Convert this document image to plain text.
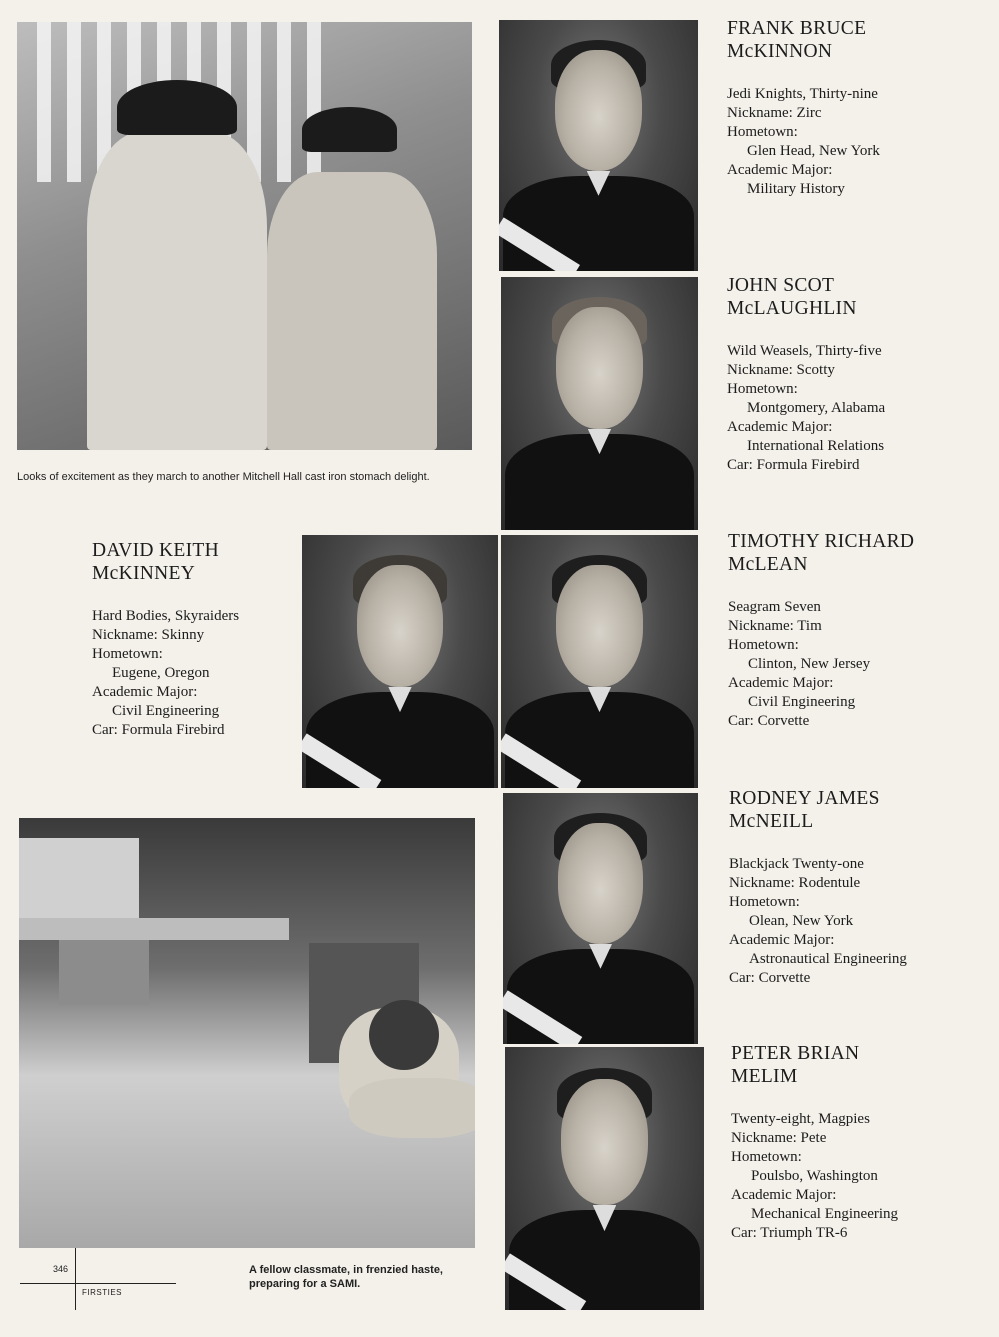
Looks of excitement as they march to another Mitchell Hall cast iron stomach delight.
A fellow classmate, in frenzied haste, preparing for a SAMI.
FRANK BRUCE
McKINNON
Jedi Knights, Thirty-nine
Nickname: Zirc
Hometown:
Glen Head, New York
Academic Major:
Military History
JOHN SCOT
McLAUGHLIN
Wild Weasels, Thirty-five
Nickname: Scotty
Hometown:
Montgomery, Alabama
Academic Major:
International Relations
Car: Formula Firebird
DAVID KEITH
McKINNEY
Hard Bodies, Skyraiders
Nickname: Skinny
Hometown:
Eugene, Oregon
Academic Major:
Civil Engineering
Car: Formula Firebird
TIMOTHY RICHARD
McLEAN
Seagram Seven
Nickname: Tim
Hometown:
Clinton, New Jersey
Academic Major:
Civil Engineering
Car: Corvette
RODNEY JAMES
McNEILL
Blackjack Twenty-one
Nickname: Rodentule
Hometown:
Olean, New York
Academic Major:
Astronautical Engineering
Car: Corvette
PETER BRIAN
MELIM
Twenty-eight, Magpies
Nickname: Pete
Hometown:
Poulsbo, Washington
Academic Major:
Mechanical Engineering
Car: Triumph TR-6
346
FIRSTIES
